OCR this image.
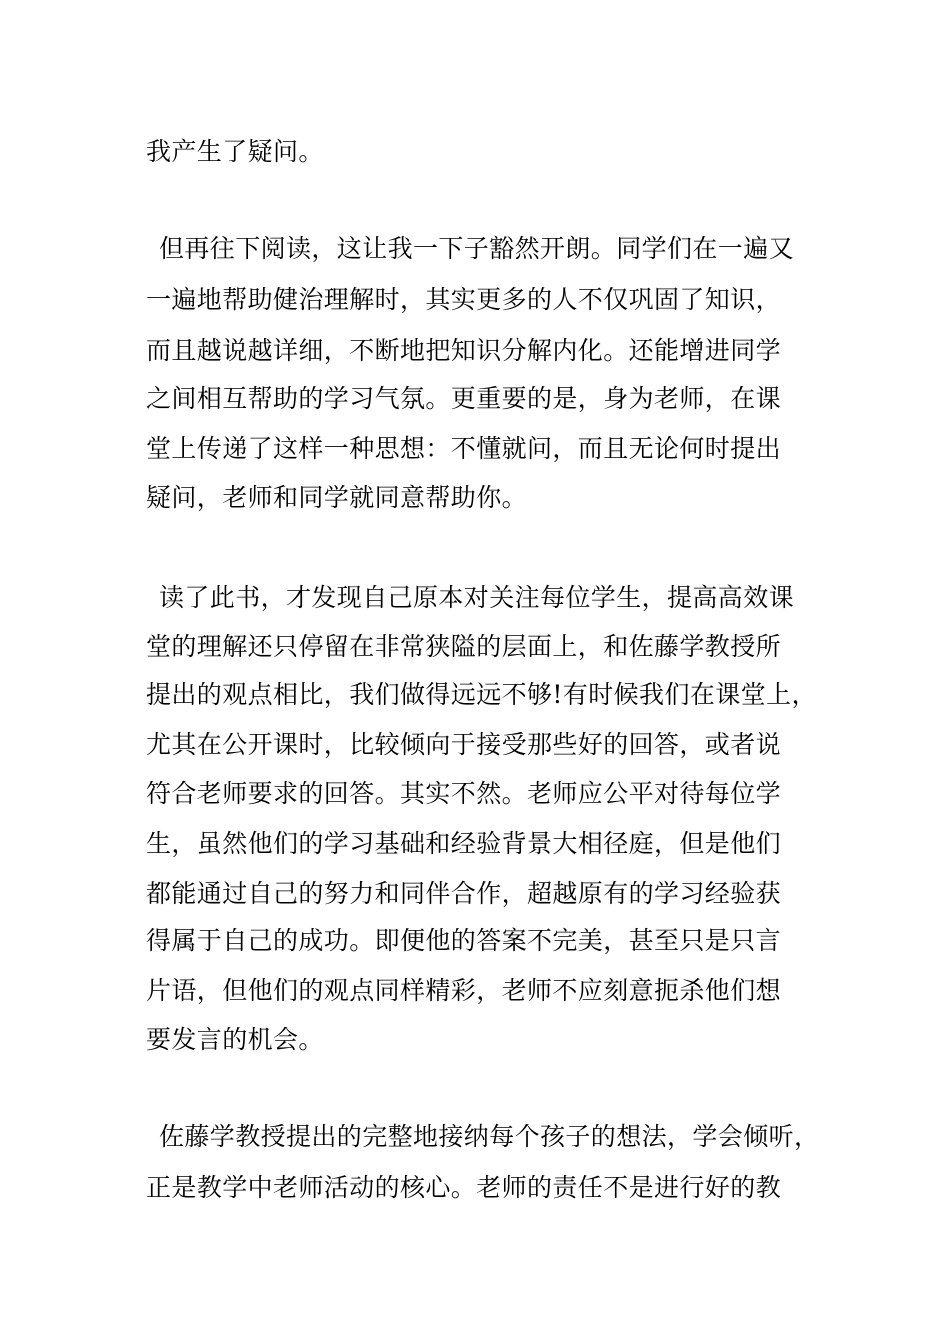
我产生了疑问。
但再往下阅读，这让我一下子豁然开朗。同学们在一遍又
一遍地帮助健治理解时，其实更多的人不仅巩固了知识，
而且越说越详细，不断地把知识分解内化。还能增进同学
之间相互帮助的学习气氛。更重要的是，身为老师，在课
堂上传递了这样一种思想：不懂就问，而且无论何时提出
疑问，老师和同学就同意帮助你。
读了此书，才发现自己原本对关注每位学生，提高高效课
堂的理解还只停留在非常狭隘的层面上，和佐藤学教授所
提出的观点相比，我们做得远远不够!有时候我们在课堂上，
尤其在公开课时，比较倾向于接受那些好的回答，或者说
符合老师要求的回答。其实不然。老师应公平对待每位学
生，虽然他们的学习基础和经验背景大相径庭，但是他们
都能通过自己的努力和同伴合作，超越原有的学习经验获
得属于自己的成功。即便他的答案不完美，甚至只是只言
片语，但他们的观点同样精彩，老师不应刻意扼杀他们想
要发言的机会。
佐藤学教授提出的完整地接纳每个孩子的想法，学会倾听，
正是教学中老师活动的核心。老师的责任不是进行好的教
